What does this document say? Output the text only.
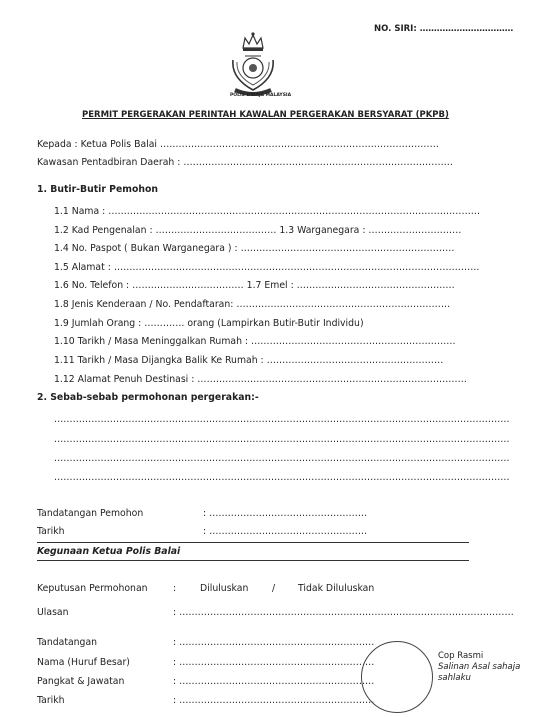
NO. SIRI: ……………………………
POLIS DIRAJA MALAYSIA
PERMIT PERGERAKAN PERINTAH KAWALAN PERGERAKAN BERSYARAT (PKPB)
Kepada : Ketua Polis Balai ………………………………………………………………………………
Kawasan Pentadbiran Daerah : ……………………………………………………………………………
1. Butir-Butir Pemohon
1.1 Nama : …………………………………………………………………………………………………………
1.2 Kad Pengenalan : ………………………………… 1.3 Warganegara : …………………………
1.4 No. Paspot ( Bukan Warganegara ) : ……………………………………………………………
1.5 Alamat : ……………………………………………………………………………………………………….
1.6 No. Telefon : ……………………………… 1.7 Emel : ……………………………………………
1.8 Jenis Kenderaan / No. Pendaftaran: ……………………………………………………………
1.9 Jumlah Orang : …………. orang (Lampirkan Butir-Butir Individu)
1.10 Tarikh / Masa Meninggalkan Rumah : …………………………………………………………
1.11 Tarikh / Masa Dijangka Balik Ke Rumah : …………………………………………………
1.12 Alamat Penuh Destinasi : ……………………………………………………………………………
2. Sebab-sebab permohonan pergerakan:-
…………………………………………………………………………………………………………………………………
…………………………………………………………………………………………………………………………………
…………………………………………………………………………………………………………………………………
…………………………………………………………………………………………………………………………………
Tandatangan Pemohon	: ……………………………………………
Tarikh	: ……………………………………………
Kegunaan Ketua Polis Balai
Keputusan Permohonan	:	Diluluskan	/ Tidak Diluluskan
Ulasan	: ………………………………………………………………………………………………
Tandatangan	: ………………………………………………………
Nama (Huruf Besar)	: ………………………………………………………
Pangkat & Jawatan	: ………………………………………………………
Tarikh	: ………………………………………………………
Cop Rasmi
Salinan Asal sahaja
sahlaku
